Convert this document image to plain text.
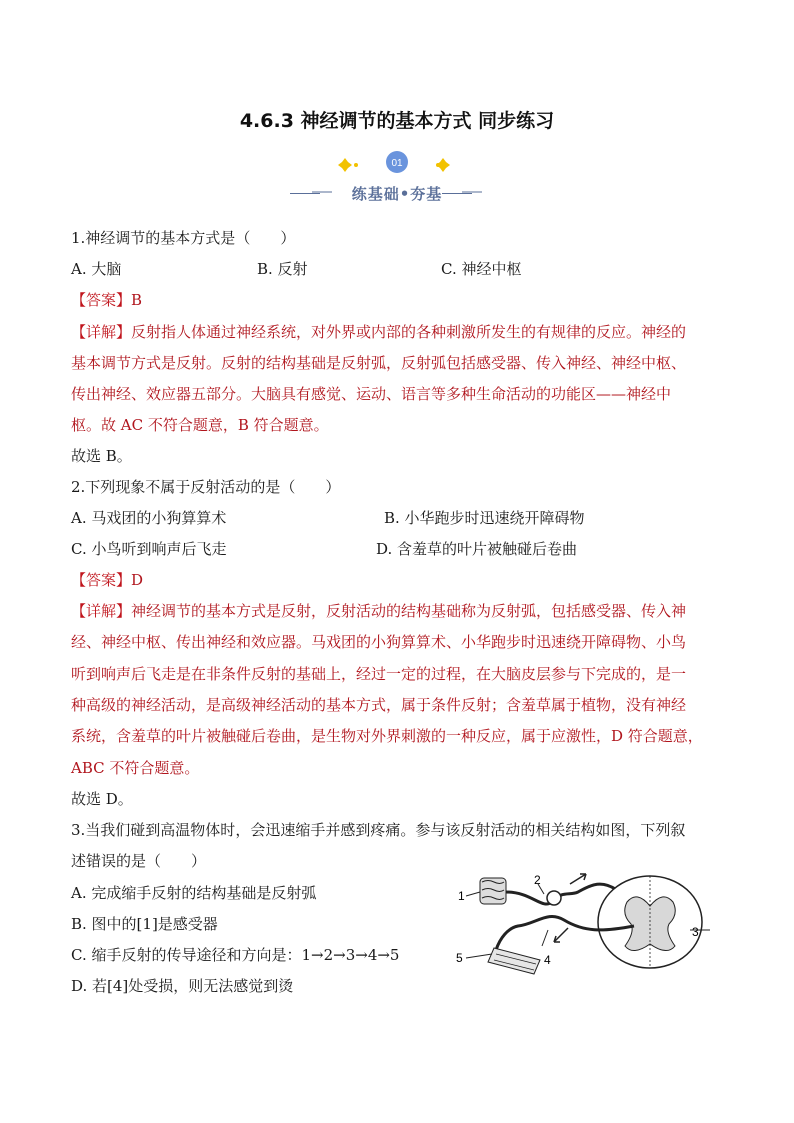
4.6.3 神经调节的基本方式 同步练习
01
练基础•夯基
1.神经调节的基本方式是（　　）
A. 大脑	B. 反射	C. 神经中枢
【答案】B
【详解】反射指人体通过神经系统，对外界或内部的各种刺激所发生的有规律的反应。神经的
基本调节方式是反射。反射的结构基础是反射弧，反射弧包括感受器、传入神经、神经中枢、
传出神经、效应器五部分。大脑具有感觉、运动、语言等多种生命活动的功能区——神经中
枢。故 AC 不符合题意，B 符合题意。
故选 B。
2.下列现象不属于反射活动的是（　　）
A. 马戏团的小狗算算术	B. 小华跑步时迅速绕开障碍物
C. 小鸟听到响声后飞走	D. 含羞草的叶片被触碰后卷曲
【答案】D
【详解】神经调节的基本方式是反射，反射活动的结构基础称为反射弧，包括感受器、传入神
经、神经中枢、传出神经和效应器。马戏团的小狗算算术、小华跑步时迅速绕开障碍物、小鸟
听到响声后飞走是在非条件反射的基础上，经过一定的过程，在大脑皮层参与下完成的，是一
种高级的神经活动，是高级神经活动的基本方式，属于条件反射；含羞草属于植物，没有神经
系统，含羞草的叶片被触碰后卷曲，是生物对外界刺激的一种反应，属于应激性，D 符合题意，
ABC 不符合题意。
故选 D。
3.当我们碰到高温物体时，会迅速缩手并感到疼痛。参与该反射活动的相关结构如图，下列叙
述错误的是（　　）
A. 完成缩手反射的结构基础是反射弧
B. 图中的[1]是感受器
C. 缩手反射的传导途径和方向是：1→2→3→4→5
D. 若[4]处受损，则无法感觉到烫
1
2
3
4
5
